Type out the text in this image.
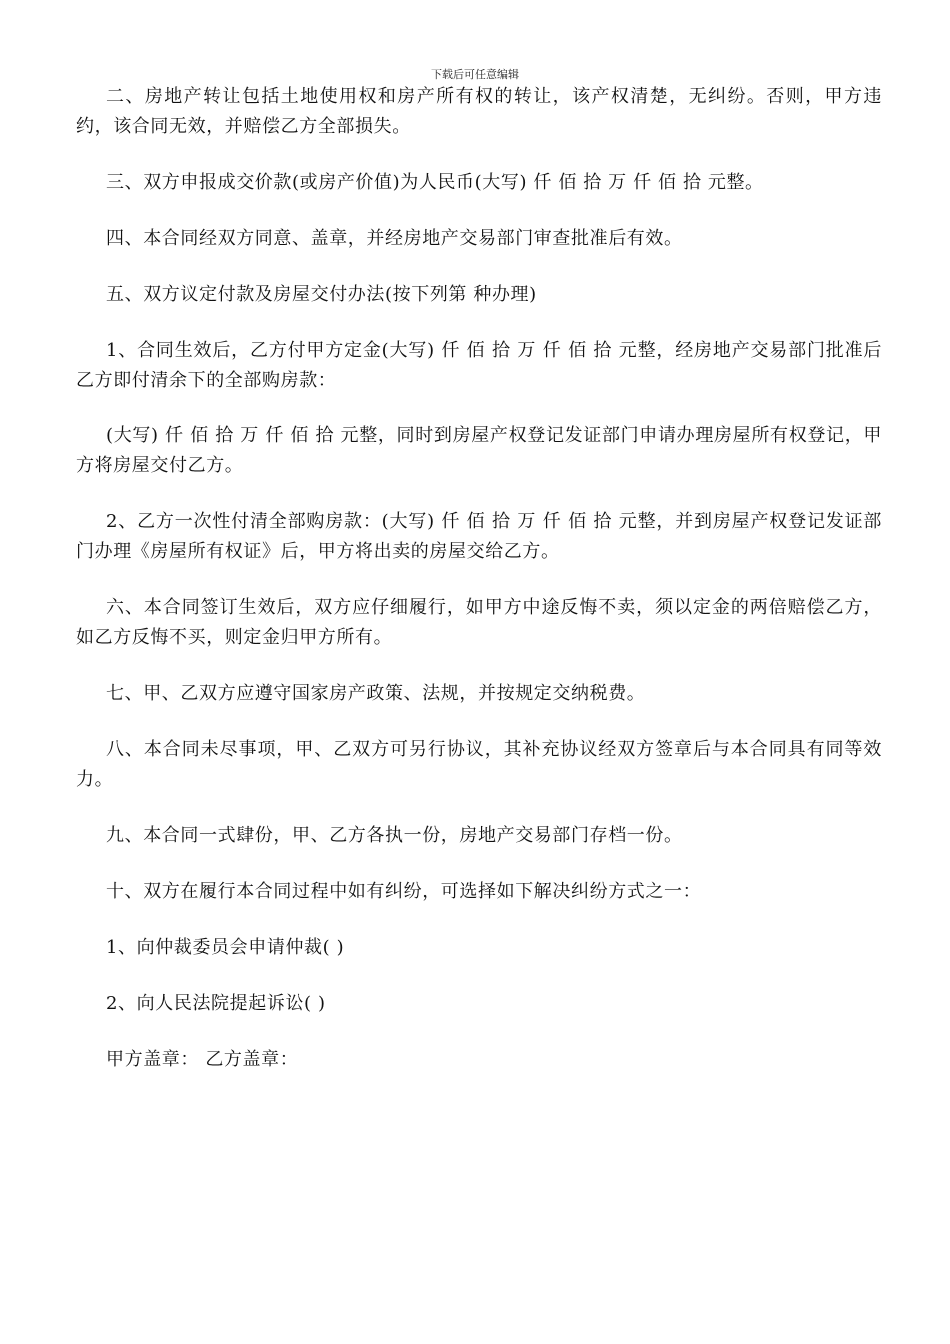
下载后可任意编辑

二、房地产转让包括土地使用权和房产所有权的转让，该产权清楚，无纠纷。否则，甲方违约，该合同无效，并赔偿乙方全部损失。

三、双方申报成交价款(或房产价值)为人民币(大写) 仟 佰 拾 万 仟 佰 拾 元整。

四、本合同经双方同意、盖章，并经房地产交易部门审查批准后有效。

五、双方议定付款及房屋交付办法(按下列第 种办理)

1、合同生效后，乙方付甲方定金(大写) 仟 佰 拾 万 仟 佰 拾 元整，经房地产交易部门批准后乙方即付清余下的全部购房款：

(大写) 仟 佰 拾 万 仟 佰 拾 元整，同时到房屋产权登记发证部门申请办理房屋所有权登记，甲方将房屋交付乙方。

2、乙方一次性付清全部购房款：(大写) 仟 佰 拾 万 仟 佰 拾 元整，并到房屋产权登记发证部门办理《房屋所有权证》后，甲方将出卖的房屋交给乙方。

六、本合同签订生效后，双方应仔细履行，如甲方中途反悔不卖，须以定金的两倍赔偿乙方，如乙方反悔不买，则定金归甲方所有。

七、甲、乙双方应遵守国家房产政策、法规，并按规定交纳税费。

八、本合同未尽事项，甲、乙双方可另行协议，其补充协议经双方签章后与本合同具有同等效力。

九、本合同一式肆份，甲、乙方各执一份，房地产交易部门存档一份。

十、双方在履行本合同过程中如有纠纷，可选择如下解决纠纷方式之一：

1、向仲裁委员会申请仲裁( )

2、向人民法院提起诉讼( )

甲方盖章： 乙方盖章：
